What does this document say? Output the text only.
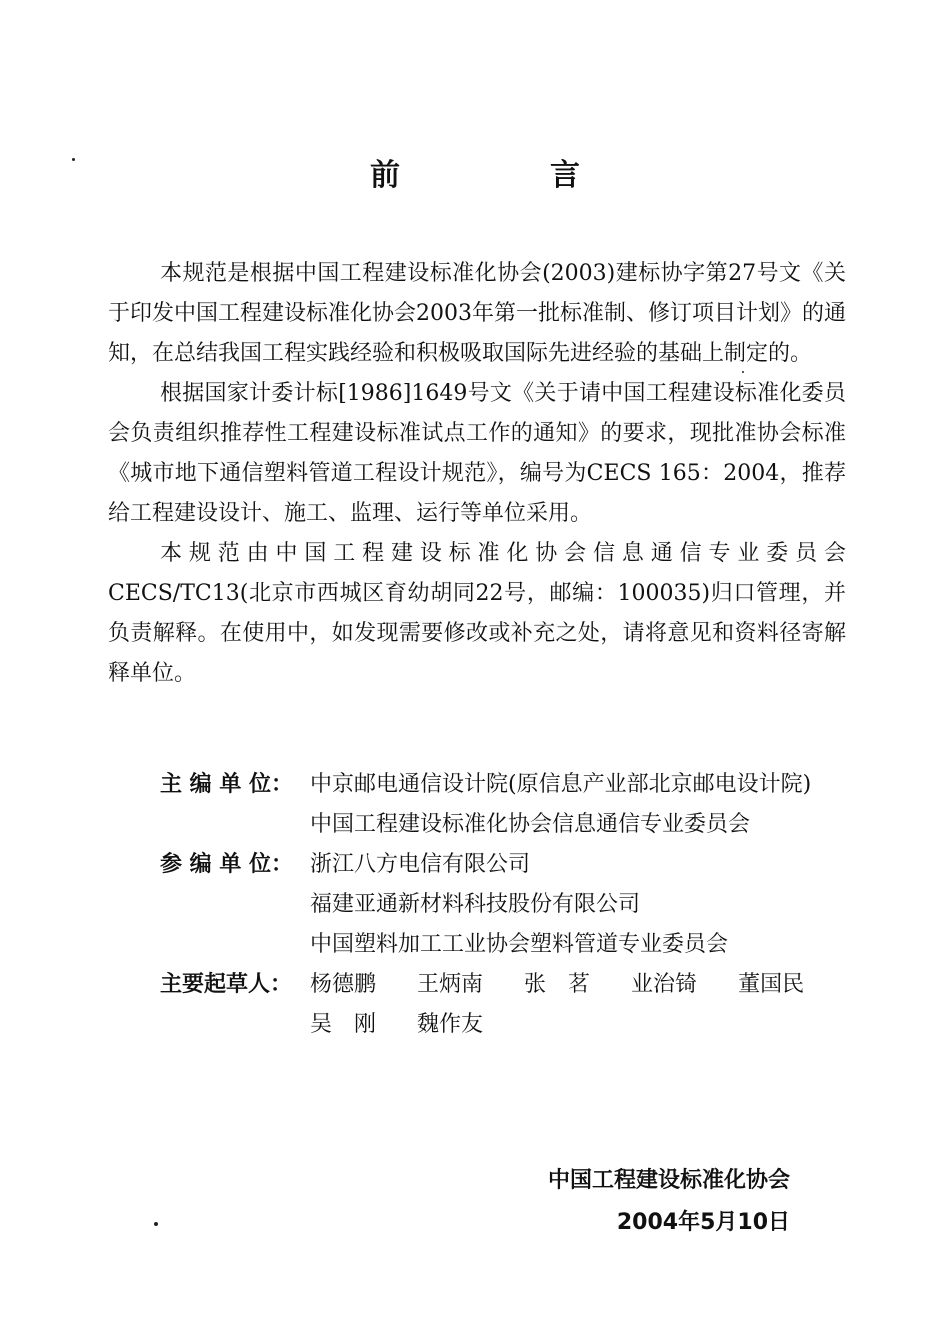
前　言

本规范是根据中国工程建设标准化协会(2003)建标协字第27号文《关于印发中国工程建设标准化协会2003年第一批标准制、修订项目计划》的通知，在总结我国工程实践经验和积极吸取国际先进经验的基础上制定的。

根据国家计委计标[1986]1649号文《关于请中国工程建设标准化委员会负责组织推荐性工程建设标准试点工作的通知》的要求，现批准协会标准《城市地下通信塑料管道工程设计规范》，编号为CECS 165：2004，推荐给工程建设设计、施工、监理、运行等单位采用。

本规范由中国工程建设标准化协会信息通信专业委员会CECS/TC13(北京市西城区育幼胡同22号，邮编：100035)归口管理，并负责解释。在使用中，如发现需要修改或补充之处，请将意见和资料径寄解释单位。

主 编 单 位： 中京邮电通信设计院(原信息产业部北京邮电设计院)
中国工程建设标准化协会信息通信专业委员会
参 编 单 位： 浙江八方电信有限公司
福建亚通新材料科技股份有限公司
中国塑料加工工业协会塑料管道专业委员会
主要起草人： 杨德鹏 王炳南 张　茗 业治锜 董国民
吴　刚 魏作友
中国工程建设标准化协会
2004年5月10日
